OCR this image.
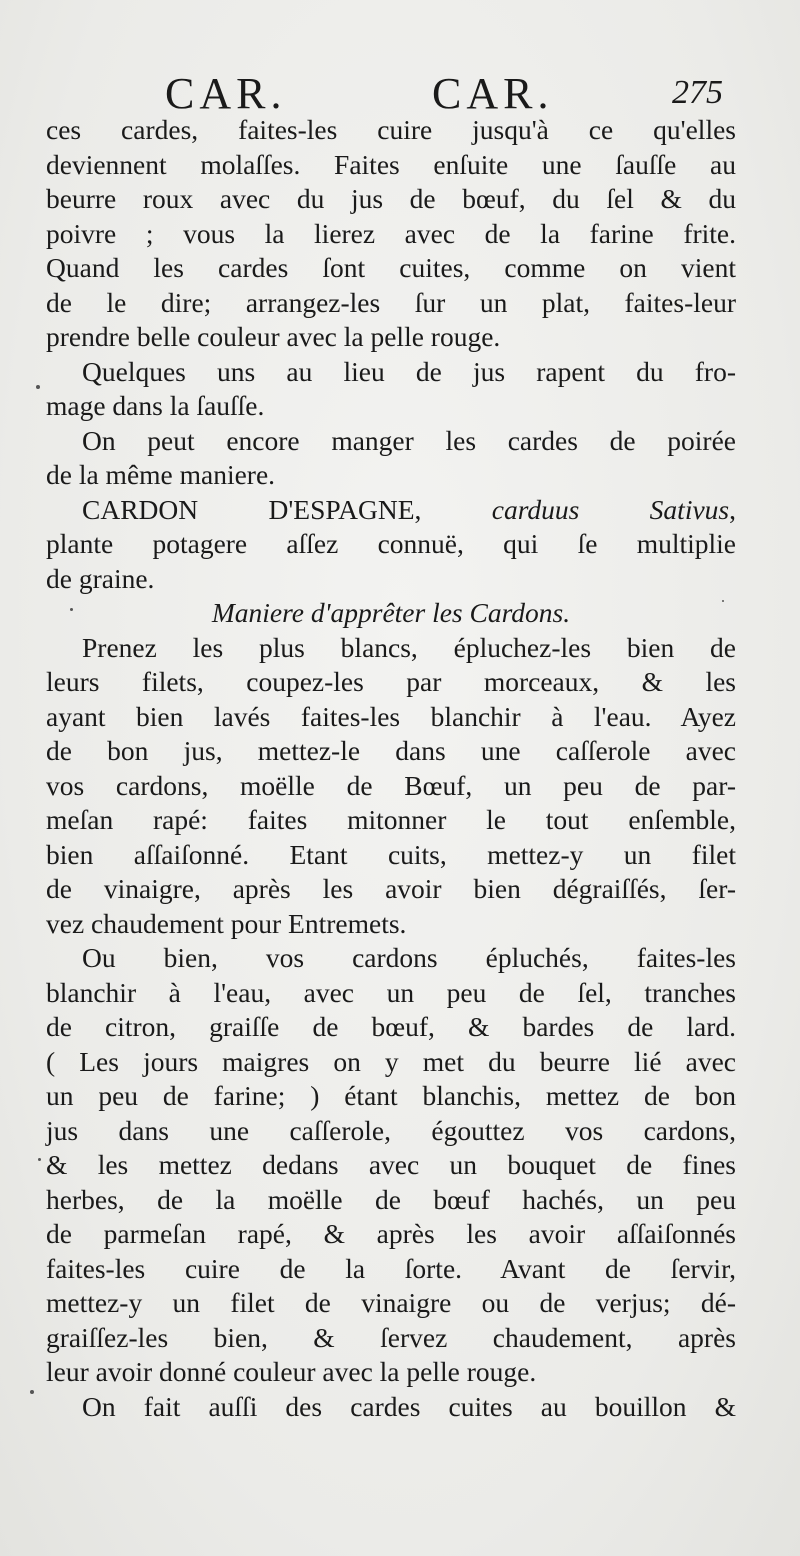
CAR.	CAR.	275
ces cardes, faites-les cuire jusqu'à ce qu'elles
deviennent molaſſes. Faites enſuite une ſauſſe au
beurre roux avec du jus de bœuf, du ſel & du
poivre ; vous la lierez avec de la farine frite.
Quand les cardes ſont cuites, comme on vient
de le dire; arrangez-les ſur un plat, faites-leur
prendre belle couleur avec la pelle rouge.
Quelques uns au lieu de jus rapent du fro-
mage dans la ſauſſe.
On peut encore manger les cardes de poirée
de la même maniere.
CARDON D'ESPAGNE, carduus Sativus,
plante potagere aſſez connuë, qui ſe multiplie
de graine.
Maniere d'apprêter les Cardons.
Prenez les plus blancs, épluchez-les bien de
leurs filets, coupez-les par morceaux, & les
ayant bien lavés faites-les blanchir à l'eau. Ayez
de bon jus, mettez-le dans une caſſerole avec
vos cardons, moëlle de Bœuf, un peu de par-
meſan rapé: faites mitonner le tout enſemble,
bien aſſaiſonné. Etant cuits, mettez-y un filet
de vinaigre, après les avoir bien dégraiſſés, ſer-
vez chaudement pour Entremets.
Ou bien, vos cardons épluchés, faites-les
blanchir à l'eau, avec un peu de ſel, tranches
de citron, graiſſe de bœuf, & bardes de lard.
( Les jours maigres on y met du beurre lié avec
un peu de farine; ) étant blanchis, mettez de bon
jus dans une caſſerole, égouttez vos cardons,
& les mettez dedans avec un bouquet de fines
herbes, de la moëlle de bœuf hachés, un peu
de parmeſan rapé, & après les avoir aſſaiſonnés
faites-les cuire de la ſorte. Avant de ſervir,
mettez-y un filet de vinaigre ou de verjus; dé-
graiſſez-les bien, & ſervez chaudement, après
leur avoir donné couleur avec la pelle rouge.
On fait auſſi des cardes cuites au bouillon &
